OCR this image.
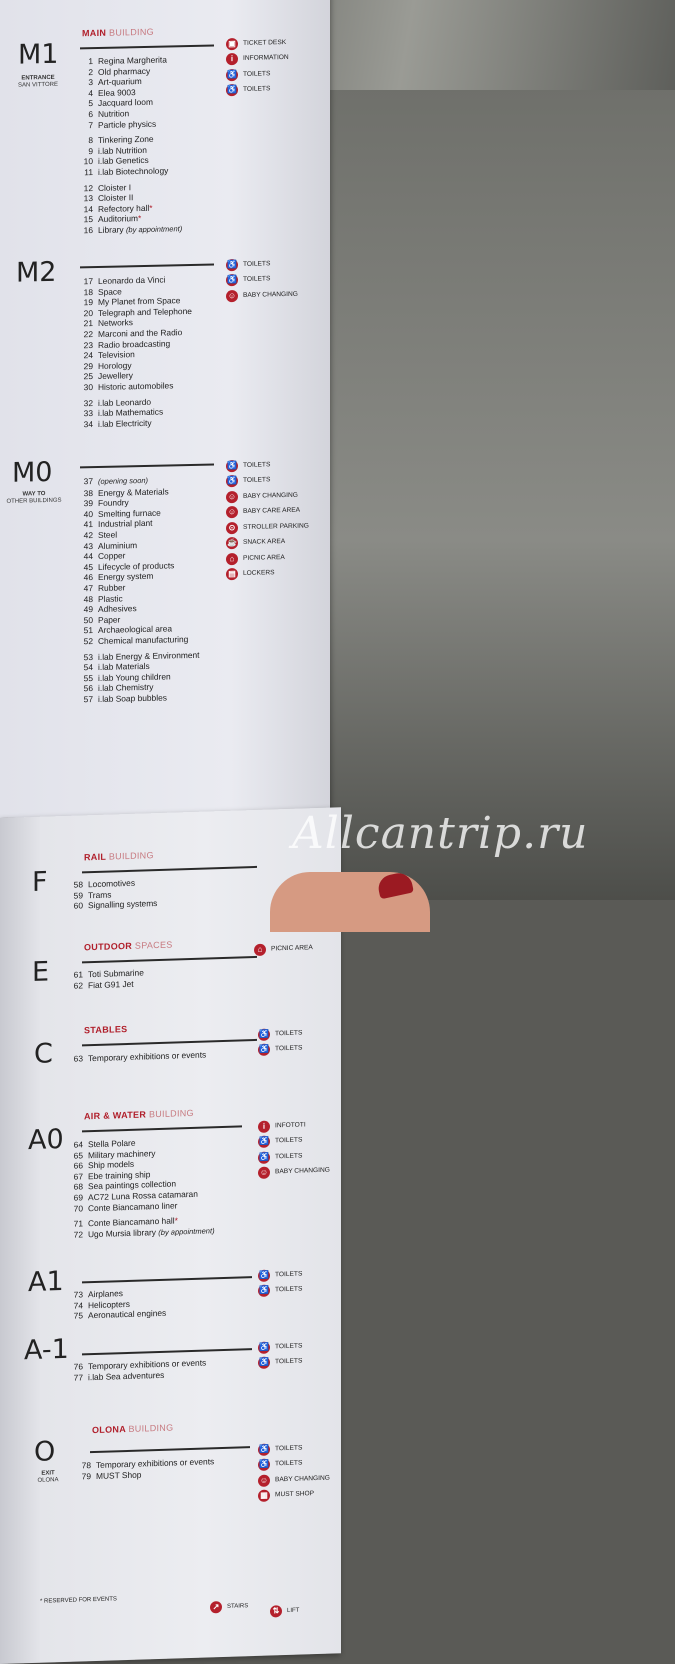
M1
ENTRANCE
SAN VITTORE
MAIN BUILDING
1 Regina Margherita
2 Old pharmacy
3 Art-quarium
4 Elea 9003
5 Jacquard loom
6 Nutrition
7 Particle physics
8 Tinkering Zone
9 i.lab Nutrition
10 i.lab Genetics
11 i.lab Biotechnology
12 Cloister I
13 Cloister II
14 Refectory hall*
15 Auditorium*
16 Library (by appointment)
▣	TICKET DESK
i	INFORMATION
♿ TOILETS
♿ TOILETS
M2	17 Leonardo da Vinci
18 Space
19 My Planet from Space
20 Telegraph and Telephone
21 Networks
22 Marconi and the Radio
23 Radio broadcasting
24 Television
29 Horology
25 Jewellery
30 Historic automobiles
32 i.lab Leonardo
33 i.lab Mathematics
34 i.lab Electricity
♿ TOILETS
♿ TOILETS
☺ BABY CHANGING
M0
WAY TO
OTHER BUILDINGS
37 (opening soon)
38 Energy & Materials
39 Foundry
40 Smelting furnace
41 Industrial plant
42 Steel
43 Aluminium
44 Copper
45 Lifecycle of products
46 Energy system
47 Rubber
48 Plastic
49 Adhesives
50 Paper
51 Archaeological area
52 Chemical manufacturing
53 i.lab Energy & Environment
54 i.lab Materials
55 i.lab Young children
56 i.lab Chemistry
57 i.lab Soap bubbles
♿ TOILETS
♿ TOILETS
☺ BABY CHANGING
☺ BABY CARE AREA
⊙	STROLLER PARKING
☕ SNACK AREA
⌂	PICNIC AREA
▤	LOCKERS
F
RAIL BUILDING
58 Locomotives
59 Trams
60 Signalling systems
E
OUTDOOR SPACES
61 Toti Submarine
62 Fiat G91 Jet
⌂	PICNIC AREA
C
STABLES
63 Temporary exhibitions or events
♿ TOILETS
♿ TOILETS
A0
AIR & WATER BUILDING
64 Stella Polare
65 Military machinery
66 Ship models
67 Ebe training ship
68 Sea paintings collection
69 AC72 Luna Rossa catamaran
70 Conte Biancamano liner
71 Conte Biancamano hall*
72 Ugo Mursia library (by appointment)
i	INFOTOTI
♿ TOILETS
♿ TOILETS
☺ BABY CHANGING
A1	73 Airplanes
74 Helicopters
75 Aeronautical engines
♿ TOILETS
♿ TOILETS
A-1
76 Temporary exhibitions or events
77 i.lab Sea adventures
♿ TOILETS
♿ TOILETS
O
EXIT
OLONA
OLONA BUILDING
78 Temporary exhibitions or events
79 MUST Shop
♿ TOILETS
♿ TOILETS
☺ BABY CHANGING
▦	MUST SHOP
* RESERVED FOR EVENTS
↗	STAIRS	⇅	LIFT
Allcantrip.ru
